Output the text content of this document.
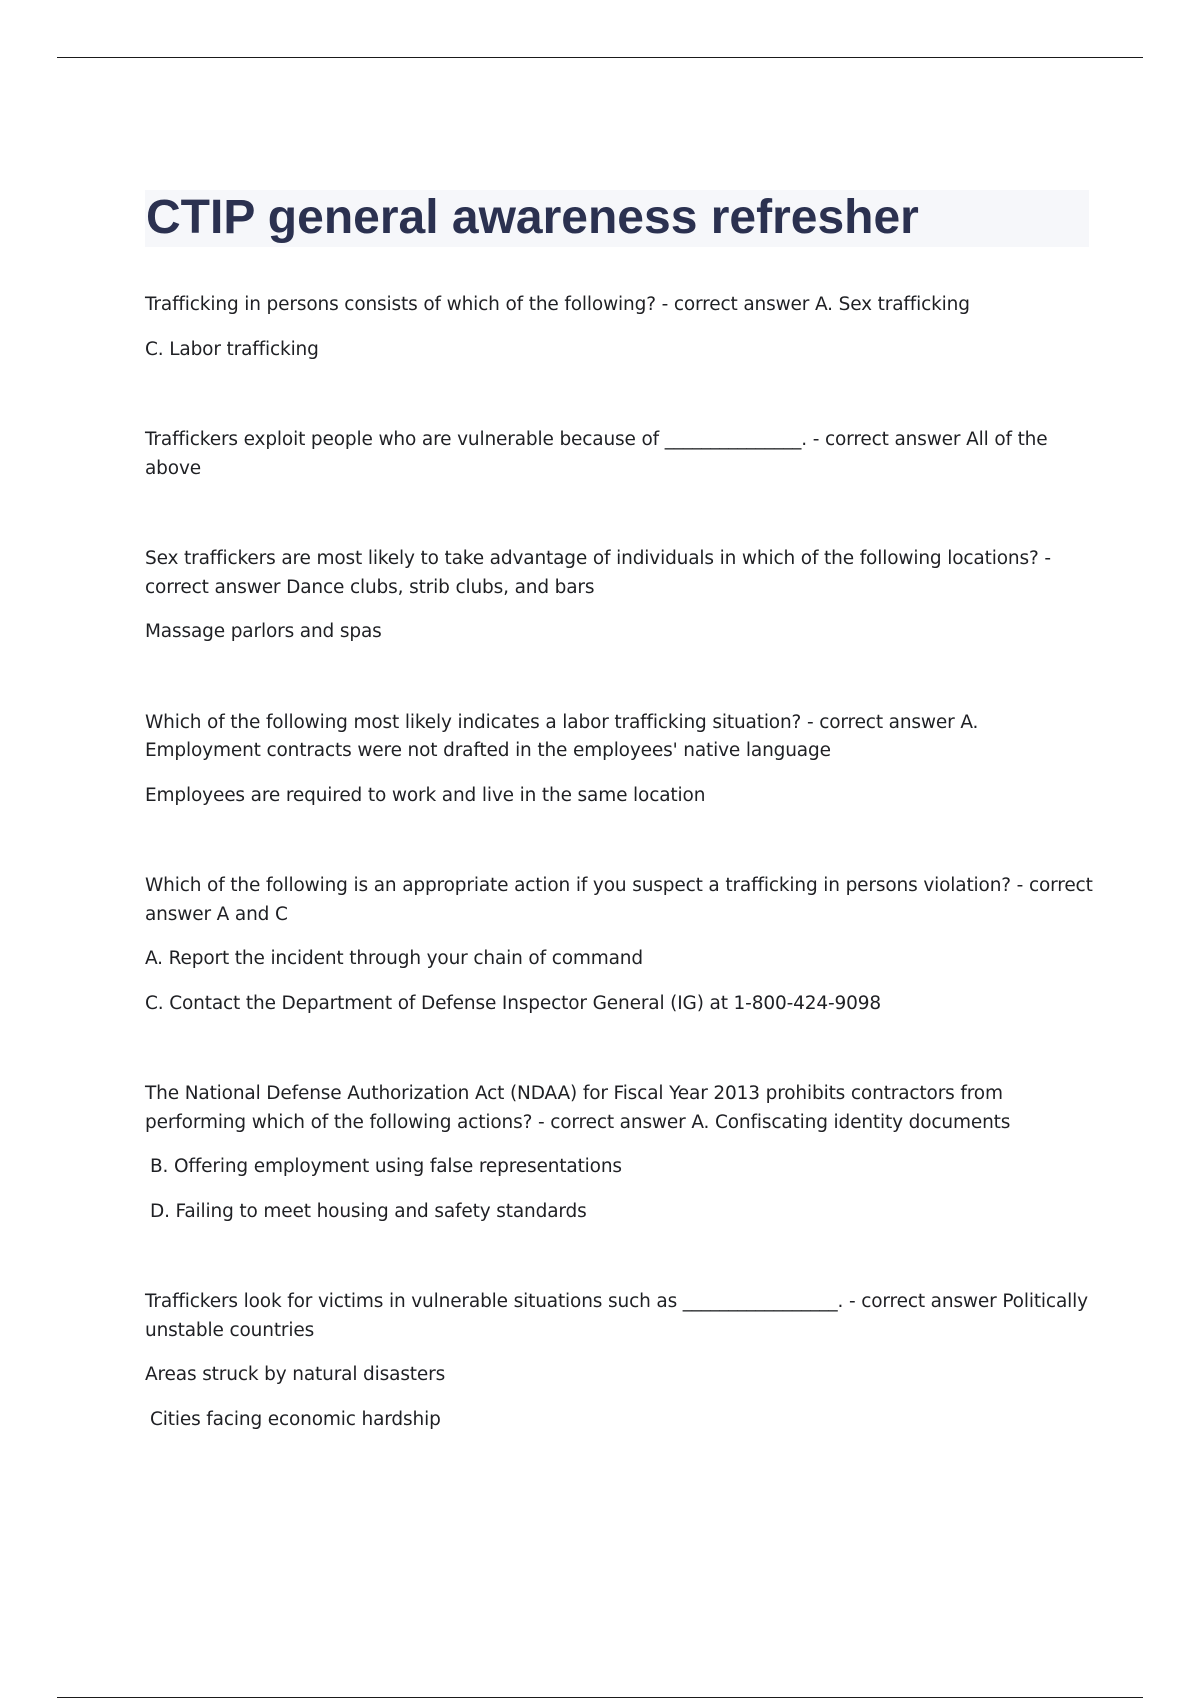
CTIP general awareness refresher

Trafficking in persons consists of which of the following? - correct answer A. Sex trafficking

C. Labor trafficking

Traffickers exploit people who are vulnerable because of _______________. - correct answer All of the above

Sex traffickers are most likely to take advantage of individuals in which of the following locations? - correct answer Dance clubs, strib clubs, and bars

Massage parlors and spas

Which of the following most likely indicates a labor trafficking situation? - correct answer A. Employment contracts were not drafted in the employees' native language

Employees are required to work and live in the same location

Which of the following is an appropriate action if you suspect a trafficking in persons violation? - correct answer A and C

A. Report the incident through your chain of command

C. Contact the Department of Defense Inspector General (IG) at 1-800-424-9098

The National Defense Authorization Act (NDAA) for Fiscal Year 2013 prohibits contractors from performing which of the following actions? - correct answer A. Confiscating identity documents

B. Offering employment using false representations

D. Failing to meet housing and safety standards

Traffickers look for victims in vulnerable situations such as _________________. - correct answer Politically unstable countries

Areas struck by natural disasters

Cities facing economic hardship
